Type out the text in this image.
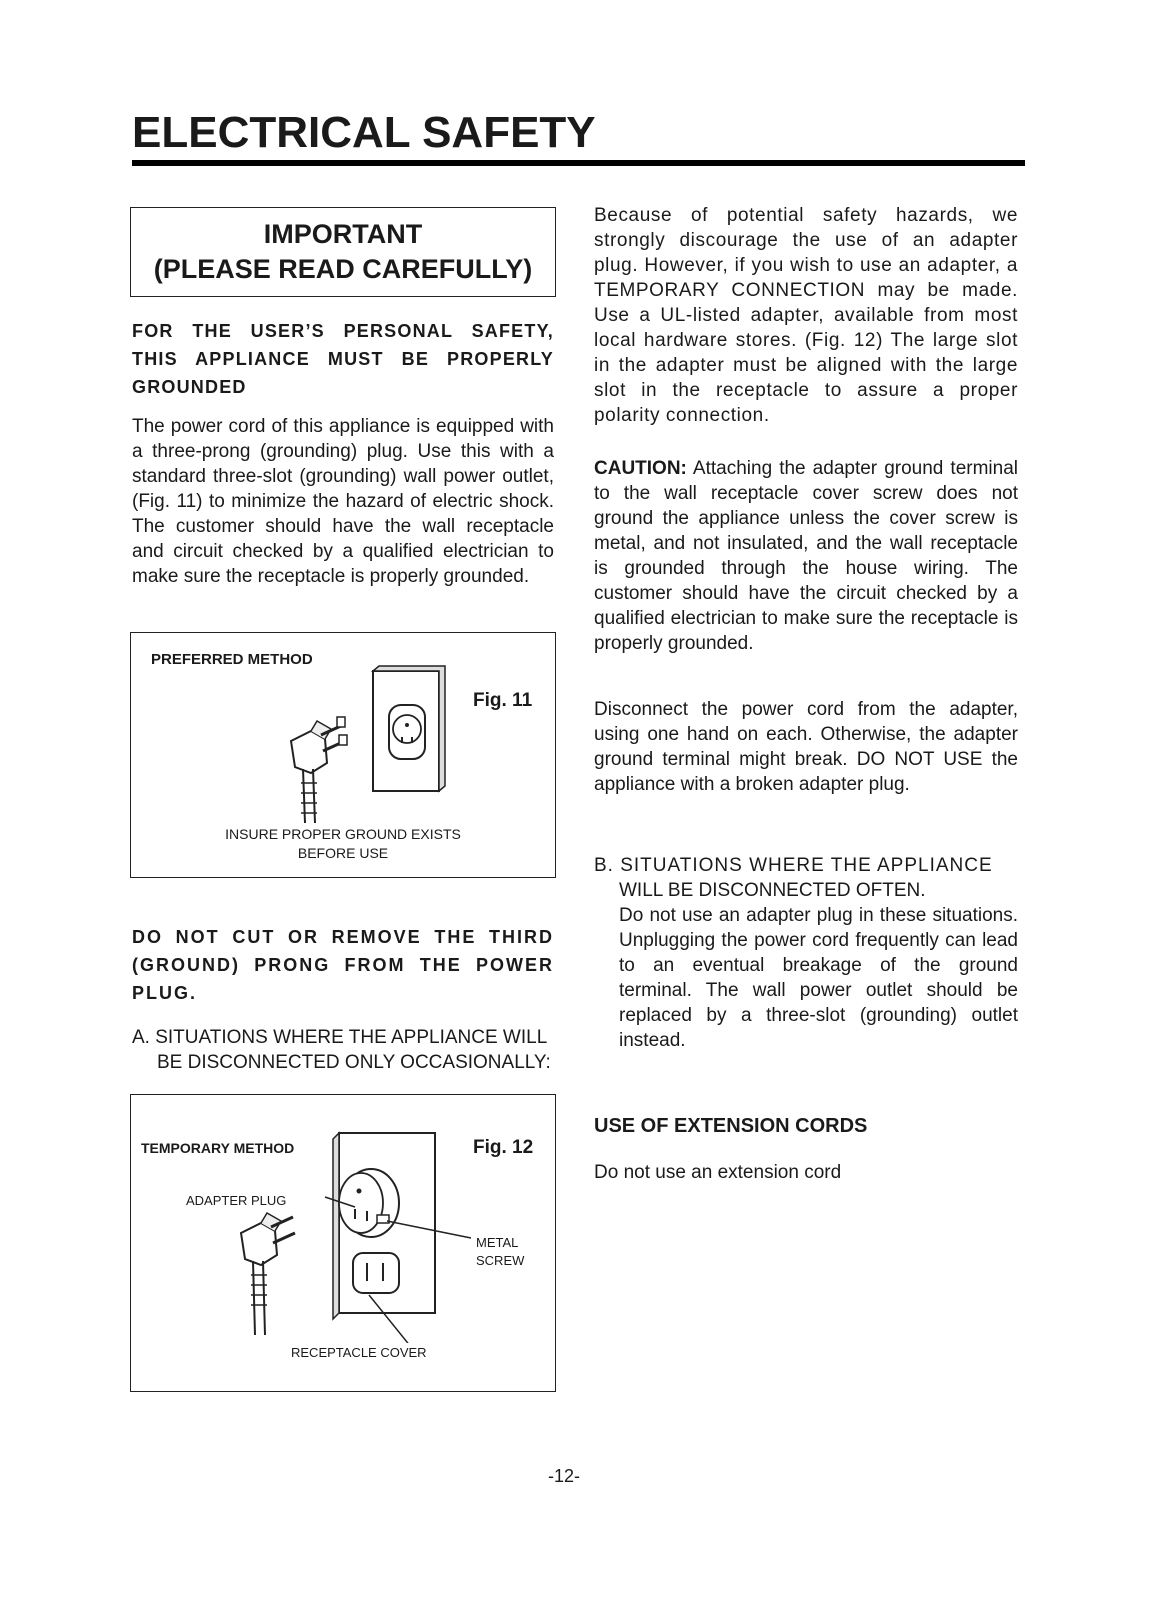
ELECTRICAL SAFETY
IMPORTANT
(PLEASE READ CAREFULLY)

FOR THE USER’S PERSONAL SAFETY, THIS APPLIANCE MUST BE PROPERLY GROUNDED

The power cord of this appliance is equipped with a three-prong (grounding) plug. Use this with a standard three-slot (grounding) wall power outlet, (Fig. 11) to minimize the hazard of electric shock. The customer should have the wall receptacle and circuit checked by a qualified electrician to make sure the receptacle is properly grounded.

PREFERRED METHOD
Fig. 11
INSURE PROPER GROUND EXISTS
BEFORE USE

DO NOT CUT OR REMOVE THE THIRD (GROUND) PRONG FROM THE POWER PLUG.

A. SITUATIONS WHERE THE APPLIANCE WILL
BE DISCONNECTED ONLY OCCASIONALLY:
TEMPORARY METHOD	Fig. 12
ADAPTER PLUG
METAL
SCREW
RECEPTACLE COVER

Because of potential safety hazards, we strongly discourage the use of an adapter plug. However, if you wish to use an adapter, a TEMPORARY CONNECTION may be made. Use a UL-listed adapter, available from most local hardware stores. (Fig. 12) The large slot in the adapter must be aligned with the large slot in the receptacle to assure a proper polarity connection.

CAUTION: Attaching the adapter ground terminal to the wall receptacle cover screw does not ground the appliance unless the cover screw is metal, and not insulated, and the wall receptacle is grounded through the house wiring. The customer should have the circuit checked by a qualified electrician to make sure the receptacle is properly grounded.

Disconnect the power cord from the adapter, using one hand on each. Otherwise, the adapter ground terminal might break. DO NOT USE the appliance with a broken adapter plug.

B. SITUATIONS WHERE THE APPLIANCE
WILL BE DISCONNECTED OFTEN.
Do not use an adapter plug in these situations. Unplugging the power cord frequently can lead to an eventual breakage of the ground terminal. The wall power outlet should be replaced by a three-slot (grounding) outlet instead.
USE OF EXTENSION CORDS
Do not use an extension cord
-12-
